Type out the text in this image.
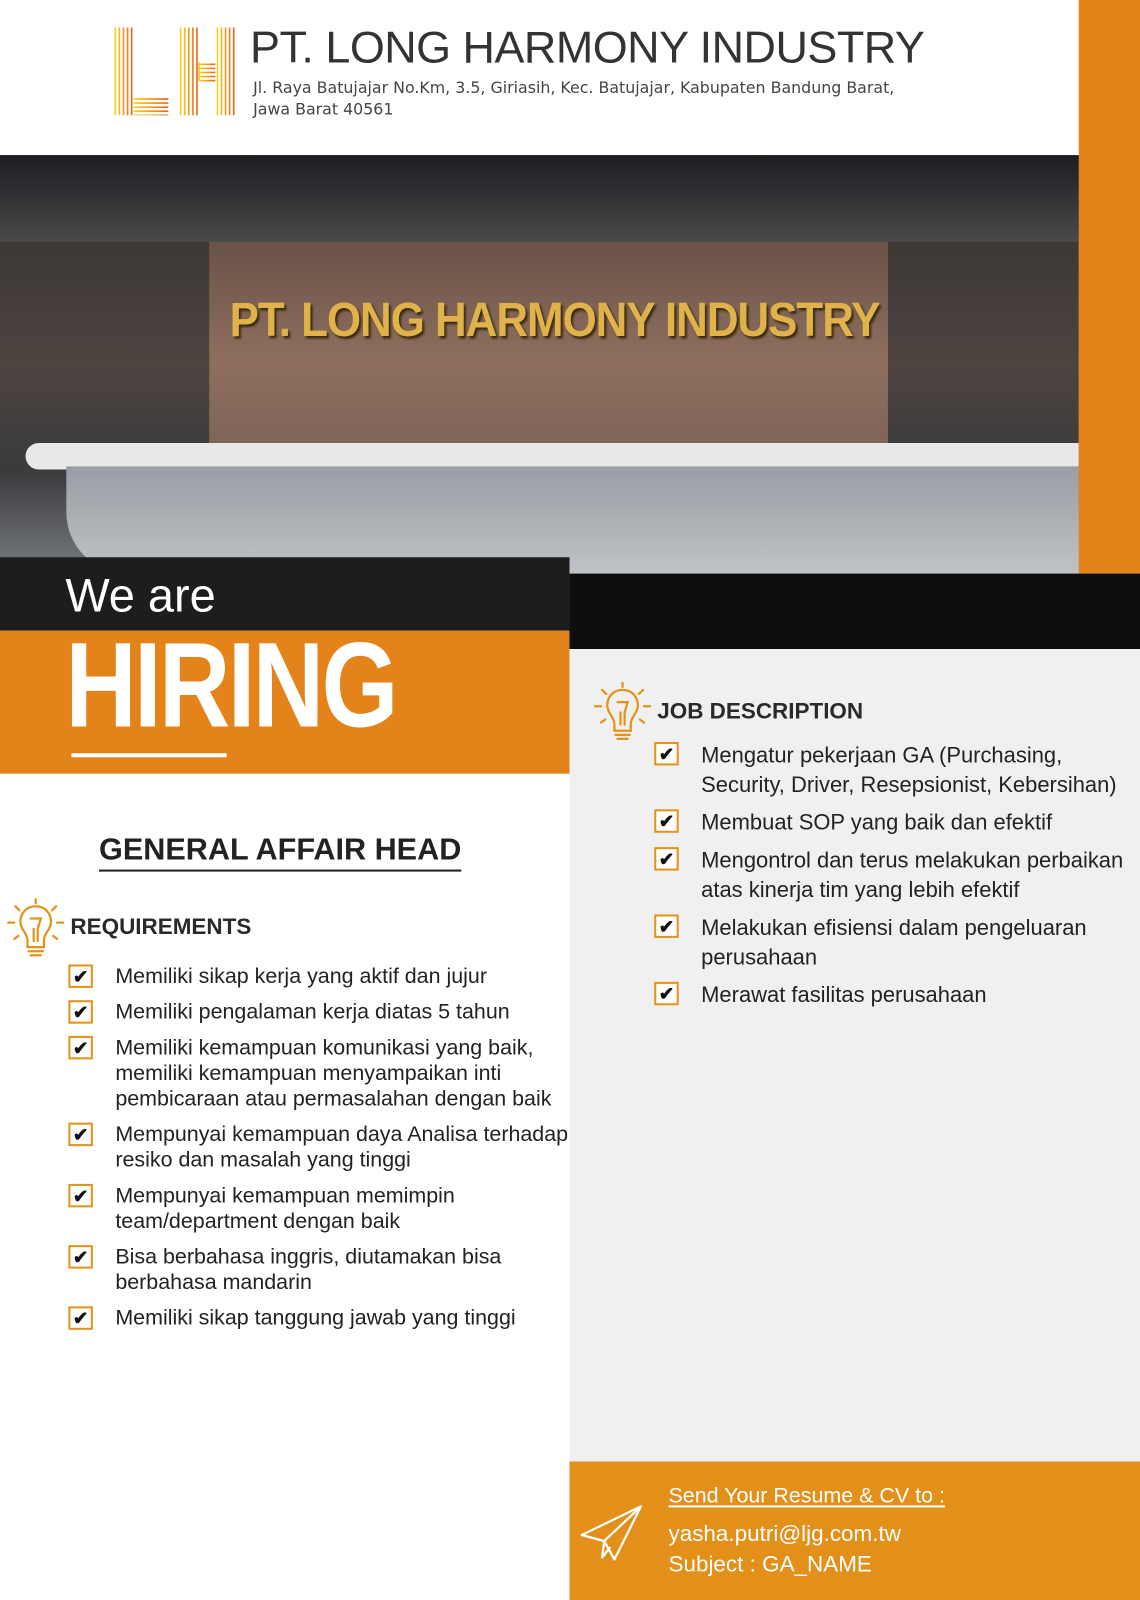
PT. LONG HARMONY INDUSTRY
Jl. Raya Batujajar No.Km, 3.5, Giriasih, Kec. Batujajar, Kabupaten Bandung Barat,
Jawa Barat 40561
PT. LONG HARMONY INDUSTRY
We are
HIRING
GENERAL AFFAIR HEAD
REQUIREMENTS
✔ Memiliki sikap kerja yang aktif dan jujur
✔ Memiliki pengalaman kerja diatas 5 tahun
✔ Memiliki kemampuan komunikasi yang baik, memiliki kemampuan menyampaikan inti pembicaraan atau permasalahan dengan baik
✔ Mempunyai kemampuan daya Analisa terhadap resiko dan masalah yang tinggi
✔ Mempunyai kemampuan memimpin team/department dengan baik
✔ Bisa berbahasa inggris, diutamakan bisa berbahasa mandarin
✔ Memiliki sikap tanggung jawab yang tinggi
JOB DESCRIPTION
✔ Mengatur pekerjaan GA (Purchasing, Security, Driver, Resepsionist, Kebersihan)
✔ Membuat SOP yang baik dan efektif
✔ Mengontrol dan terus melakukan perbaikan atas kinerja tim yang lebih efektif
✔ Melakukan efisiensi dalam pengeluaran perusahaan
✔ Merawat fasilitas perusahaan
Send Your Resume & CV to :
yasha.putri@ljg.com.tw
Subject : GA_NAME
